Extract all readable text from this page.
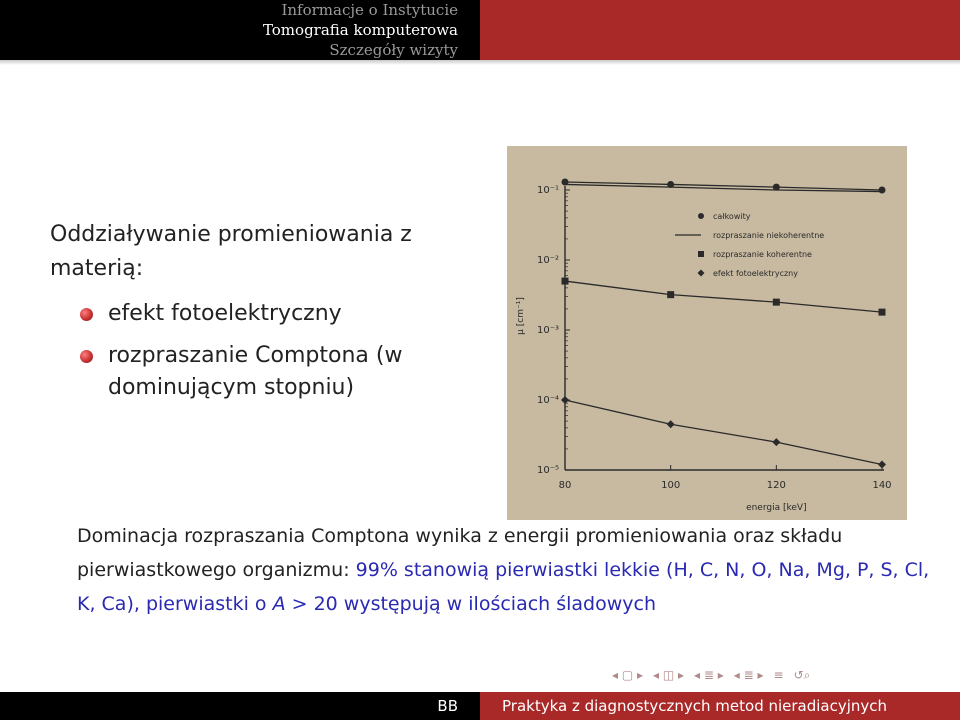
Informacje o Instytucie
Tomografia komputerowa
Szczegóły wizyty
Oddziaływanie promieniowania z materią:
efekt fotoelektryczny
rozpraszanie Comptona (w dominującym stopniu)
10⁻¹
10⁻²
10⁻³
10⁻⁴
10⁻⁵
80	100	120	140
energia [keV]
μ [cm⁻¹]
całkowity
rozpraszanie niekoherentne
rozpraszanie koherentne
efekt fotoelektryczny
Dominacja rozpraszania Comptona wynika z energii promieniowania oraz składu pierwiastkowego organizmu: 99% stanowią pierwiastki lekkie (H, C, N, O, Na, Mg, P, S, Cl, K, Ca), pierwiastki o A > 20 występują w ilościach śladowych
◂ ▢ ▸ ◂ ◫ ▸ ◂ ≣ ▸ ◂ ≣ ▸ ≡ ↺⌕
BB	Praktyka z diagnostycznych metod nieradiacyjnych
